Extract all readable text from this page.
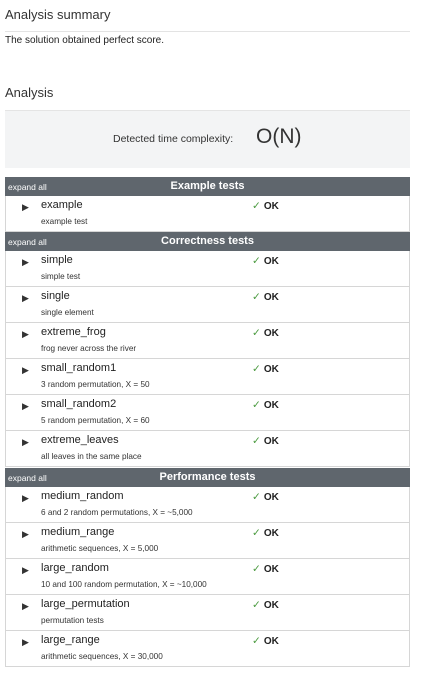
Analysis summary
The solution obtained perfect score.
Analysis
Detected time complexity: O(N)
expand all	Example tests
▶ example
example test
✓ OK
expand all	Correctness tests
▶ simple
simple test
✓ OK
▶ single
single element
✓ OK
▶ extreme_frog
frog never across the river
✓ OK
▶ small_random1
3 random permutation, X = 50
✓ OK
▶ small_random2
5 random permutation, X = 60
✓ OK
▶ extreme_leaves
all leaves in the same place
✓ OK
expand all	Performance tests
▶ medium_random
6 and 2 random permutations, X = ~5,000
✓ OK
▶ medium_range
arithmetic sequences, X = 5,000
✓ OK
▶ large_random
10 and 100 random permutation, X = ~10,000
✓ OK
▶ large_permutation
permutation tests
✓ OK
▶ large_range
arithmetic sequences, X = 30,000
✓ OK
